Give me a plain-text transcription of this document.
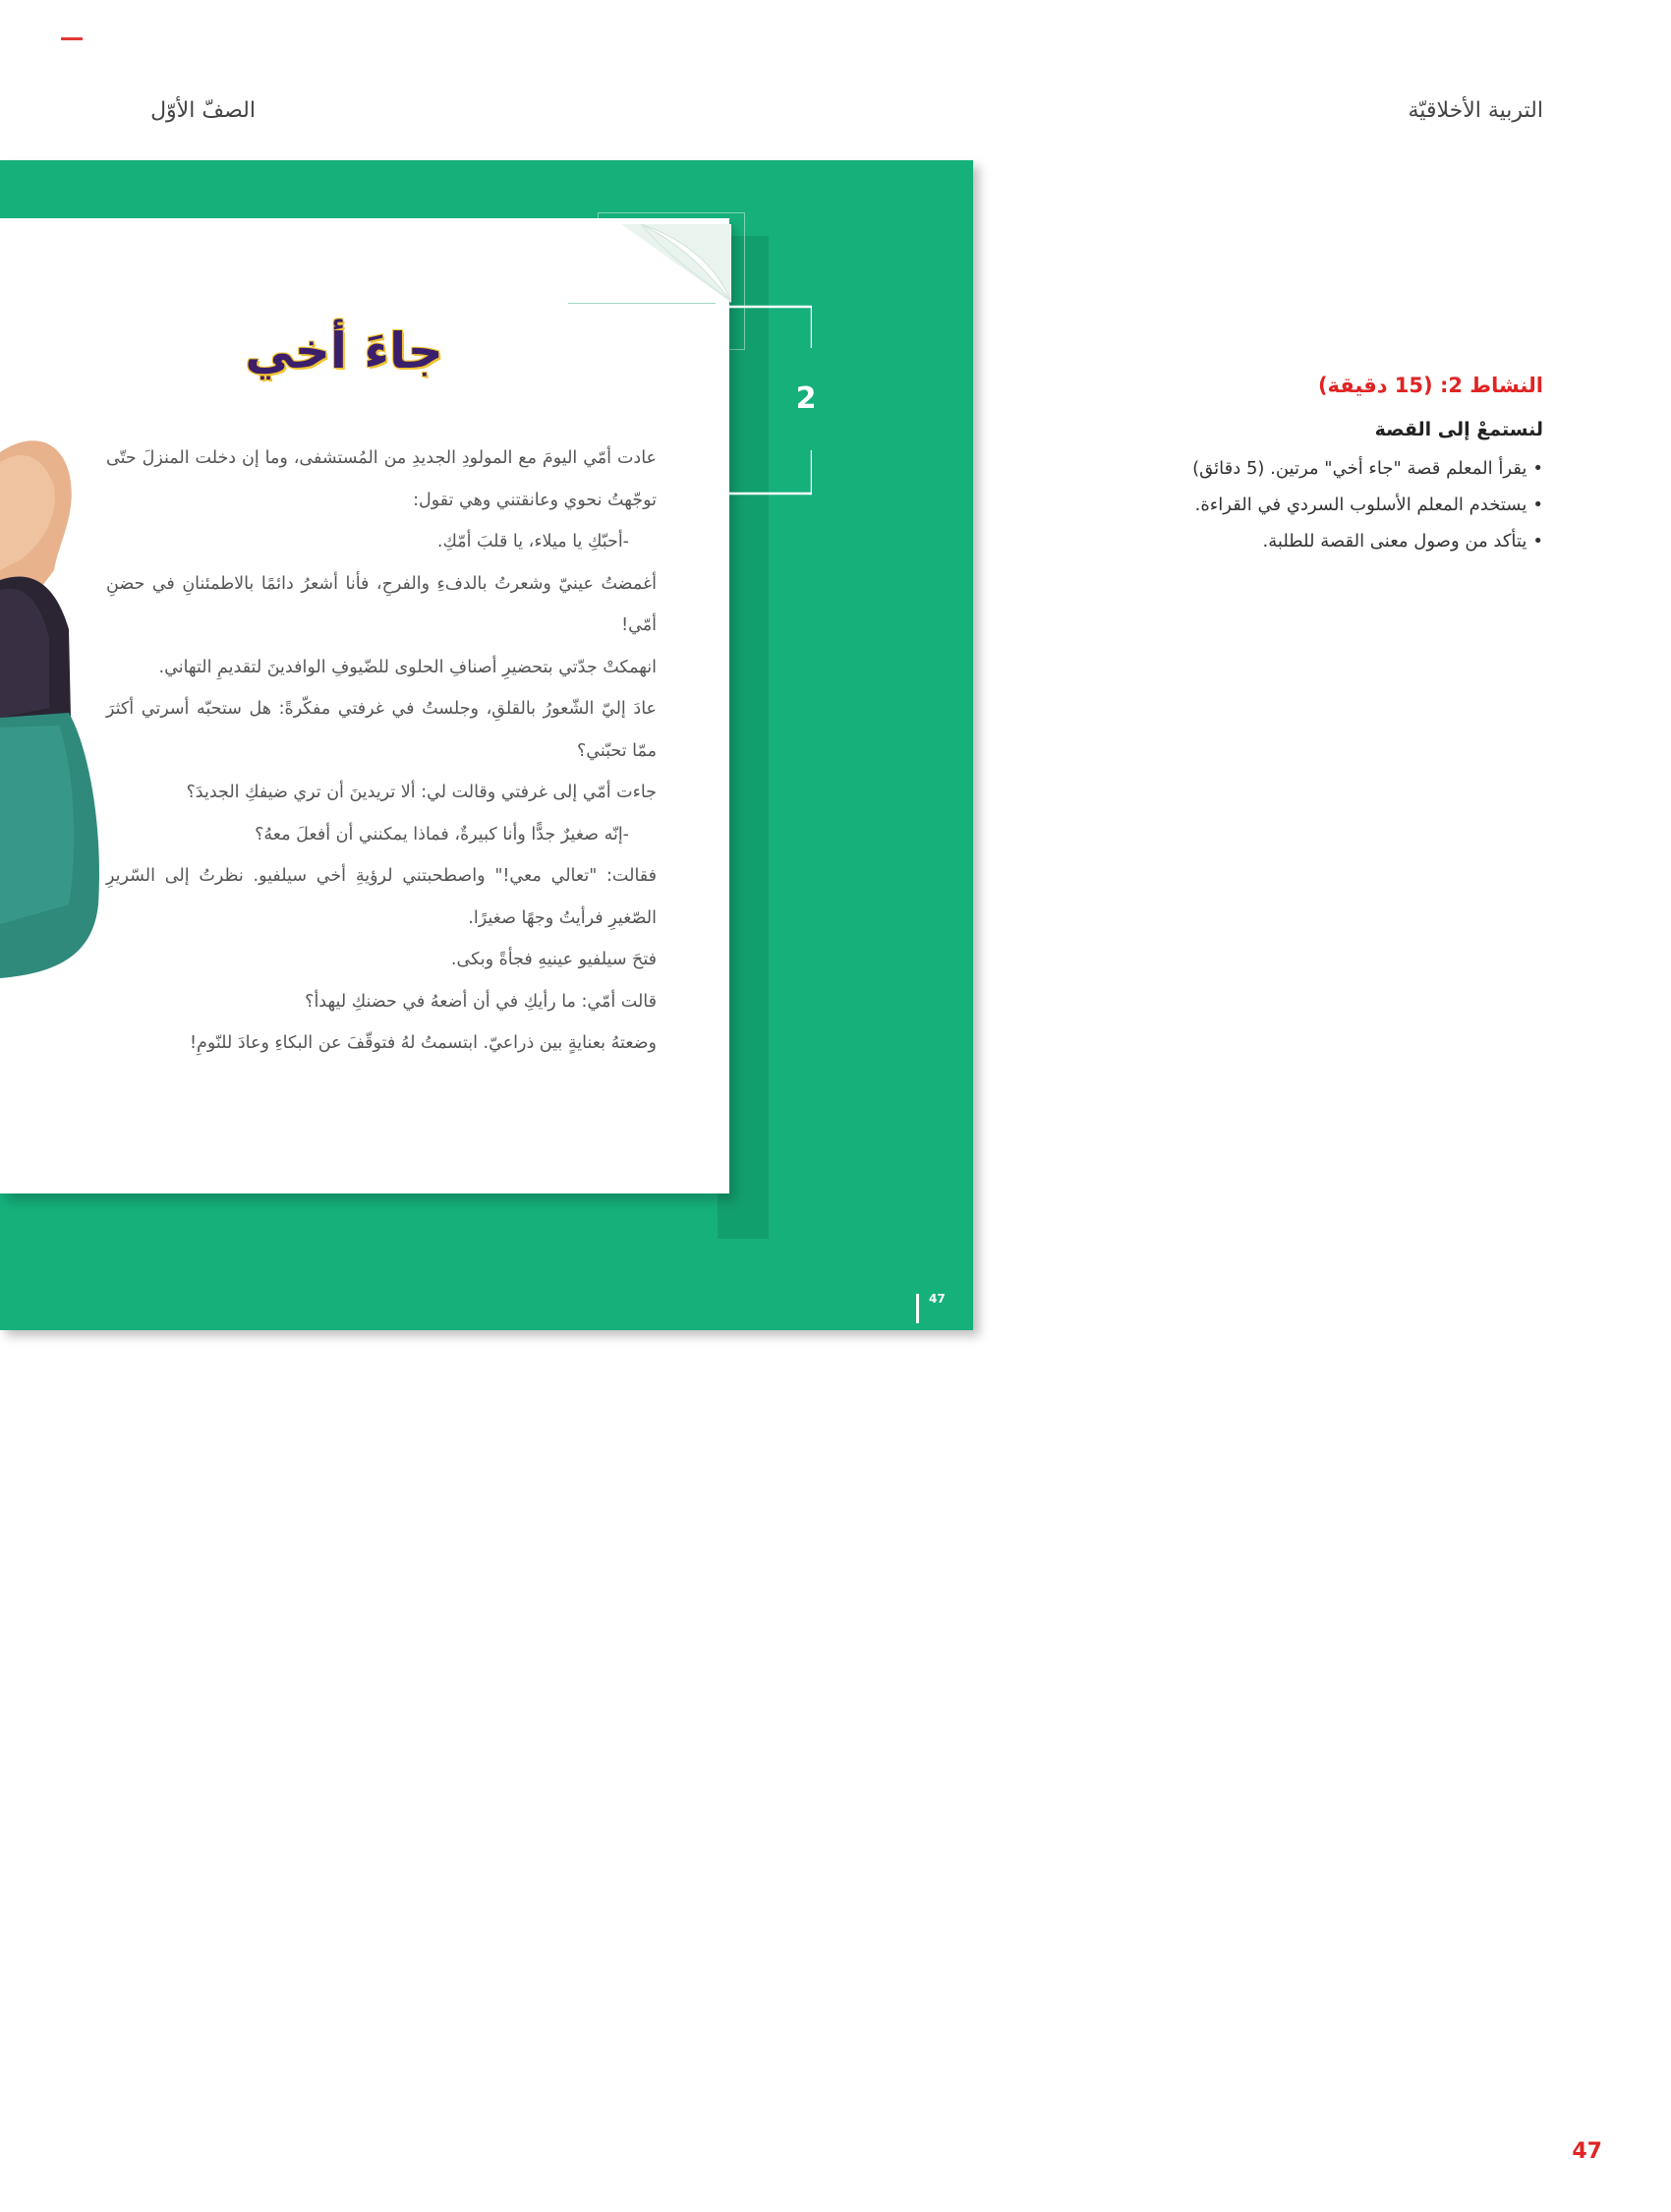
الصفّ الأوّل	التربية الأخلاقيّة
2
جاءَ أخي

عادت أمّي اليومَ مع المولودِ الجديدِ من المُستشفى، وما إن دخلت المنزلَ حتّى توجّهتُ نحوي وعانقتني وهي تقول:

-أحبّكِ يا ميلاء، يا قلبَ أمّكِ.

أغمضتُ عينيّ وشعرتُ بالدفءِ والفرحِ، فأنا أشعرُ دائمًا بالاطمئنانِ في حضنِ أمّي!

انهمكتْ جدّتي بتحضيرِ أصنافِ الحلوى للضّيوفِ الوافدينَ لتقديمِ التهاني.

عادَ إليّ الشّعورُ بالقلقِ، وجلستُ في غرفتي مفكّرةً: هل ستحبّه أسرتي أكثرَ ممّا تحبّني؟

جاءت أمّي إلى غرفتي وقالت لي: ألا تريدينَ أن تري ضيفكِ الجديدَ؟

-إنّه صغيرٌ جدًّا وأنا كبيرةٌ، فماذا يمكنني أن أفعلَ معهُ؟

فقالت: "تعالي معي!" واصطحبتني لرؤيةِ أخي سيلفيو. نظرتُ إلى السّريرِ الصّغيرِ فرأيتُ وجهًا صغيرًا.

فتحَ سيلفيو عينيهِ فجأةً وبكى.

قالت أمّي: ما رأيكِ في أن أضعهُ في حضنكِ ليهدأ؟

وضعتهُ بعنايةٍ بين ذراعيّ. ابتسمتُ لهُ فتوقّفَ عن البكاءِ وعادَ للنّومِ!

47

النشاط 2: (15 دقيقة)

لنستمعْ إلى القصة

•يقرأ المعلم قصة "جاء أخي" مرتين. (5 دقائق)
•يستخدم المعلم الأسلوب السردي في القراءة.
•يتأكد من وصول معنى القصة للطلبة.
47
